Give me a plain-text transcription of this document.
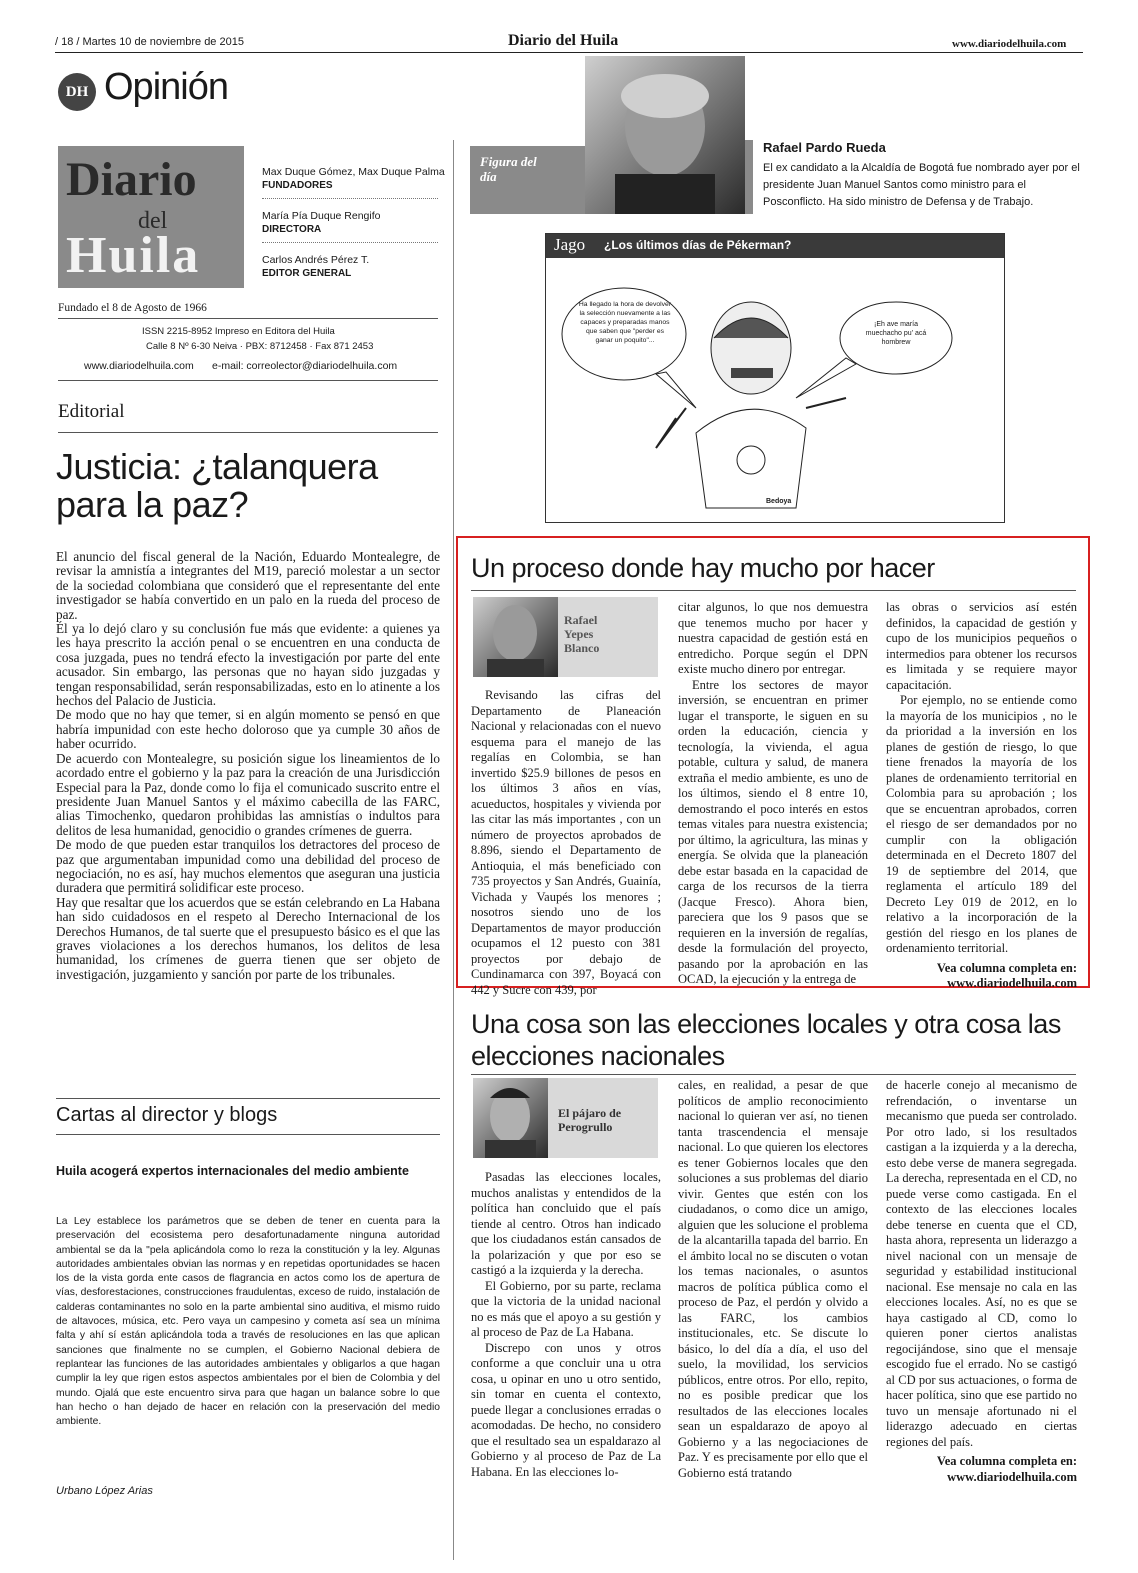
/ 18 / Martes 10 de noviembre de 2015	Diario del Huila	www.diariodelhuila.com
DH Opinión
Diario
del
Huila
Max Duque Gómez, Max Duque Palma
FUNDADORES
María Pía Duque Rengifo
DIRECTORA
Carlos Andrés Pérez T.
EDITOR GENERAL
Fundado el 8 de Agosto de 1966
ISSN 2215-8952 Impreso en Editora del Huila
Calle 8 Nº 6-30 Neiva · PBX: 8712458 · Fax 871 2453
www.diariodelhuila.com e-mail: correolector@diariodelhuila.com
Editorial
Justicia: ¿talanquera para la paz?

El anuncio del fiscal general de la Nación, Eduardo Montealegre, de revisar la amnistía a integrantes del M19, pareció molestar a un sector de la sociedad colombiana que consideró que el representante del ente investigador se había convertido en un palo en la rueda del proceso de paz.

Él ya lo dejó claro y su conclusión fue más que evidente: a quienes ya les haya prescrito la acción penal o se encuentren en una conducta de cosa juzgada, pues no tendrá efecto la investigación por parte del ente acusador. Sin embargo, las personas que no hayan sido juzgadas y tengan responsabilidad, serán responsabilizadas, esto en lo atinente a los hechos del Palacio de Justicia.

De modo que no hay que temer, si en algún momento se pensó en que habría impunidad con este hecho doloroso que ya cumple 30 años de haber ocurrido.

De acuerdo con Montealegre, su posición sigue los lineamientos de lo acordado entre el gobierno y la paz para la creación de una Jurisdicción Especial para la Paz, donde como lo fija el comunicado suscrito entre el presidente Juan Manuel Santos y el máximo cabecilla de las FARC, alias Timochenko, quedaron prohibidas las amnistías o indultos para delitos de lesa humanidad, genocidio o grandes crímenes de guerra.

De modo de que pueden estar tranquilos los detractores del proceso de paz que argumentaban impunidad como una debilidad del proceso de negociación, no es así, hay muchos elementos que aseguran una justicia duradera que permitirá solidificar este proceso.

Hay que resaltar que los acuerdos que se están celebrando en La Habana han sido cuidadosos en el respeto al Derecho Internacional de los Derechos Humanos, de tal suerte que el presupuesto básico es el que las graves violaciones a los derechos humanos, los delitos de lesa humanidad, los crímenes de guerra tienen que ser objeto de investigación, juzgamiento y sanción por parte de los tribunales.

Cartas al director y blogs
Huila acogerá expertos internacionales del medio ambiente
La Ley establece los parámetros que se deben de tener en cuenta para la preservación del ecosistema pero desafortunadamente ninguna autoridad ambiental se da la "pela aplicándola como lo reza la constitución y la ley. Algunas autoridades ambientales obvian las normas y en repetidas oportunidades se hacen los de la vista gorda ente casos de flagrancia en actos como los de apertura de vías, desforestaciones, construcciones fraudulentas, exceso de ruido, instalación de calderas contaminantes no solo en la parte ambiental sino auditiva, el mismo ruido de altavoces, música, etc. Pero vaya un campesino y cometa así sea un mínima falta y ahí sí están aplicándola toda a través de resoluciones en las que aplican sanciones que finalmente no se cumplen, el Gobierno Nacional debiera de replantear las funciones de las autoridades ambientales y obligarlos a que hagan cumplir la ley que rigen estos aspectos ambientales por el bien de Colombia y del mundo. Ojalá que este encuentro sirva para que hagan un balance sobre lo que han hecho o han dejado de hacer en relación con la preservación del medio ambiente.
Urbano López Arias
Figura del día
Rafael Pardo Rueda
El ex candidato a la Alcaldía de Bogotá fue nombrado ayer por el presidente Juan Manuel Santos como ministro para el Posconflicto. Ha sido ministro de Defensa y de Trabajo.
Jago ¿Los últimos días de Pékerman?
Ha llegado la hora de devolver la selección nuevamente a las capaces y preparadas manos que saben que "perder es ganar un poquito"...
¡Eh ave maría muechacho pu' acá hombrew
Bedoya
Un proceso donde hay mucho por hacer
Rafael Yepes Blanco

Revisando las cifras del Departamento de Planeación Nacional y relacionadas con el nuevo esquema para el manejo de las regalías en Colombia, se han invertido $25.9 billones de pesos en los últimos 3 años en vías, acueductos, hospitales y vivienda por las citar las más importantes , con un número de proyectos aprobados de 8.896, siendo el Departamento de Antioquia, el más beneficiado con 735 proyectos y San Andrés, Guainía, Vichada y Vaupés los menores ; nosotros siendo uno de los Departamentos de mayor producción ocupamos el 12 puesto con 381 proyectos por debajo de Cundinamarca con 397, Boyacá con 442 y Sucre con 439, por

citar algunos, lo que nos demuestra que tenemos mucho por hacer y nuestra capacidad de gestión está en entredicho. Porque según el DPN existe mucho dinero por entregar.

Entre los sectores de mayor inversión, se encuentran en primer lugar el transporte, le siguen en su orden la educación, ciencia y tecnología, la vivienda, el agua potable, cultura y salud, de manera extraña el medio ambiente, es uno de los últimos, siendo el 8 entre 10, demostrando el poco interés en estos temas vitales para nuestra existencia; por último, la agricultura, las minas y energía. Se olvida que la planeación debe estar basada en la capacidad de carga de los recursos de la tierra (Jacque Fresco). Ahora bien, pareciera que los 9 pasos que se requieren en la inversión de regalías, desde la formulación del proyecto, pasando por la aprobación en las OCAD, la ejecución y la entrega de

las obras o servicios así estén definidos, la capacidad de gestión y cupo de los municipios pequeños o intermedios para obtener los recursos es limitada y se requiere mayor capacitación.

Por ejemplo, no se entiende como la mayoría de los municipios , no le da prioridad a la inversión en los planes de gestión de riesgo, lo que tiene frenados la mayoría de los planes de ordenamiento territorial en Colombia para su aprobación ; los que se encuentran aprobados, corren el riesgo de ser demandados por no cumplir con la obligación determinada en el Decreto 1807 del 19 de septiembre del 2014, que reglamenta el artículo 189 del Decreto Ley 019 de 2012, en lo relativo a la incorporación de la gestión del riesgo en los planes de ordenamiento territorial.

Vea columna completa en:
www.diariodelhuila.com
Una cosa son las elecciones locales y otra cosa las elecciones nacionales
El pájaro de Perogrullo

Pasadas las elecciones locales, muchos analistas y entendidos de la política han concluido que el país tiende al centro. Otros han indicado que los ciudadanos están cansados de la polarización y que por eso se castigó a la izquierda y la derecha.

El Gobierno, por su parte, reclama que la victoria de la unidad nacional no es más que el apoyo a su gestión y al proceso de Paz de La Habana.

Discrepo con unos y otros conforme a que concluir una u otra cosa, u opinar en uno u otro sentido, sin tomar en cuenta el contexto, puede llegar a conclusiones erradas o acomodadas. De hecho, no considero que el resultado sea un espaldarazo al Gobierno y al proceso de Paz de La Habana. En las elecciones lo-

cales, en realidad, a pesar de que políticos de amplio reconocimiento nacional lo quieran ver así, no tienen tanta trascendencia el mensaje nacional. Lo que quieren los electores es tener Gobiernos locales que den soluciones a sus problemas del diario vivir. Gentes que estén con los ciudadanos, o como dice un amigo, alguien que les solucione el problema de la alcantarilla tapada del barrio. En el ámbito local no se discuten o votan los temas nacionales, o asuntos macros de política pública como el proceso de Paz, el perdón y olvido a las FARC, los cambios institucionales, etc. Se discute lo básico, lo del día a día, el uso del suelo, la movilidad, los servicios públicos, entre otros. Por ello, repito, no es posible predicar que los resultados de las elecciones locales sean un espaldarazo de apoyo al Gobierno y a las negociaciones de Paz. Y es precisamente por ello que el Gobierno está tratando

de hacerle conejo al mecanismo de refrendación, o inventarse un mecanismo que pueda ser controlado. Por otro lado, si los resultados castigan a la izquierda y a la derecha, esto debe verse de manera segregada. La derecha, representada en el CD, no puede verse como castigada. En el contexto de las elecciones locales debe tenerse en cuenta que el CD, hasta ahora, representa un liderazgo a nivel nacional con un mensaje de seguridad y estabilidad institucional nacional. Ese mensaje no cala en las elecciones locales. Así, no es que se haya castigado al CD, como lo quieren poner ciertos analistas regocijándose, sino que el mensaje escogido fue el errado. No se castigó al CD por sus actuaciones, o forma de hacer política, sino que ese partido no tuvo un mensaje afortunado ni el liderazgo adecuado en ciertas regiones del país.

Vea columna completa en:
www.diariodelhuila.com
